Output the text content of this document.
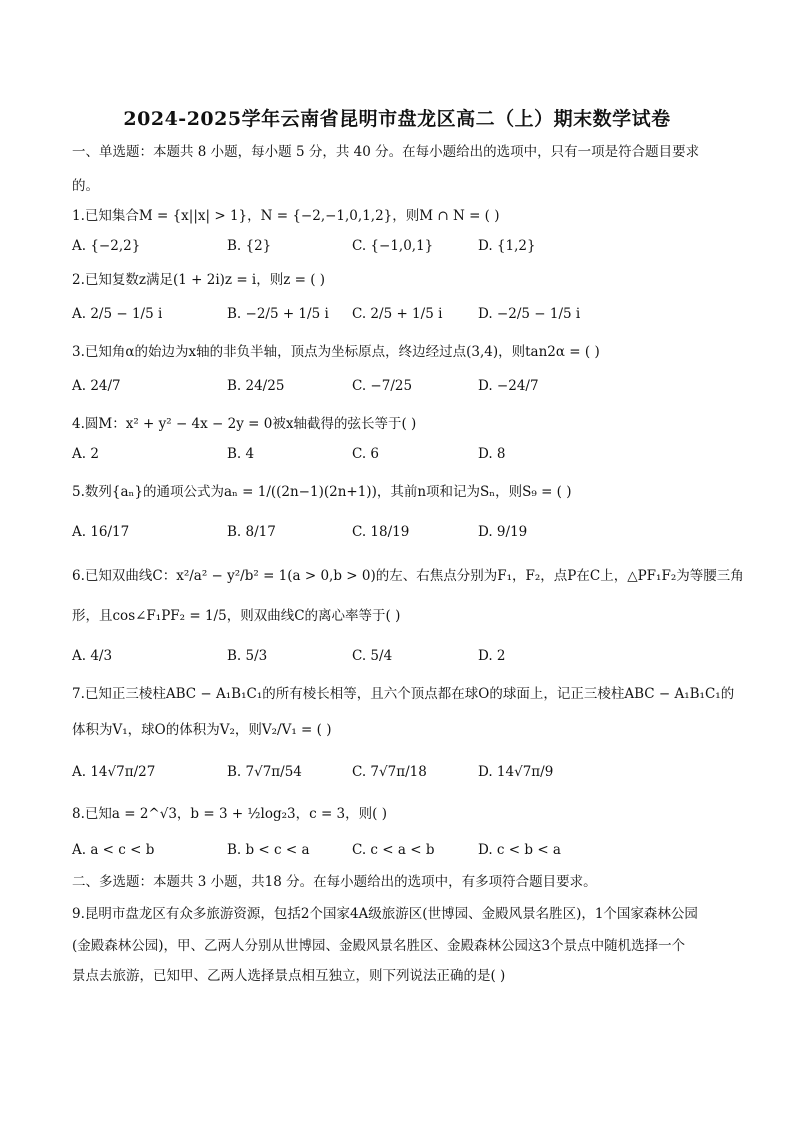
2024-2025学年云南省昆明市盘龙区高二（上）期末数学试卷
一、单选题：本题共 8 小题，每小题 5 分，共 40 分。在每小题给出的选项中，只有一项是符合题目要求
的。
1.已知集合M = {x||x| > 1}，N = {−2,−1,0,1,2}，则M ∩ N = ( )
A. {−2,2}	B. {2}	C. {−1,0,1}	D. {1,2}
2.已知复数z满足(1 + 2i)z = i，则z = ( )
A. 2/5 − 1/5 i	B. −2/5 + 1/5 i C. 2/5 + 1/5 i	D. −2/5 − 1/5 i
3.已知角α的始边为x轴的非负半轴，顶点为坐标原点，终边经过点(3,4)，则tan2α = ( )
A. 24/7	B. 24/25	C. −7/25	D. −24/7
4.圆M：x² + y² − 4x − 2y = 0被x轴截得的弦长等于( )
A. 2	B. 4	C. 6	D. 8
5.数列{aₙ}的通项公式为aₙ = 1/((2n−1)(2n+1))，其前n项和记为Sₙ，则S₉ = ( )
A. 16/17	B. 8/17	C. 18/19	D. 9/19
6.已知双曲线C：x²/a² − y²/b² = 1(a > 0,b > 0)的左、右焦点分别为F₁，F₂，点P在C上，△PF₁F₂为等腰三角
形，且cos∠F₁PF₂ = 1/5，则双曲线C的离心率等于( )
A. 4/3	B. 5/3	C. 5/4	D. 2
7.已知正三棱柱ABC − A₁B₁C₁的所有棱长相等，且六个顶点都在球O的球面上，记正三棱柱ABC − A₁B₁C₁的
体积为V₁，球O的体积为V₂，则V₂/V₁ = ( )
A. 14√7π/27	B. 7√7π/54	C. 7√7π/18	D. 14√7π/9
8.已知a = 2^√3，b = 3 + ½log₂3，c = 3，则( )
A. a < c < b	B. b < c < a	C. c < a < b	D. c < b < a
二、多选题：本题共 3 小题，共18 分。在每小题给出的选项中，有多项符合题目要求。
9.昆明市盘龙区有众多旅游资源，包括2个国家4A级旅游区(世博园、金殿风景名胜区)，1个国家森林公园
(金殿森林公园)，甲、乙两人分别从世博园、金殿风景名胜区、金殿森林公园这3个景点中随机选择一个
景点去旅游，已知甲、乙两人选择景点相互独立，则下列说法正确的是( )
